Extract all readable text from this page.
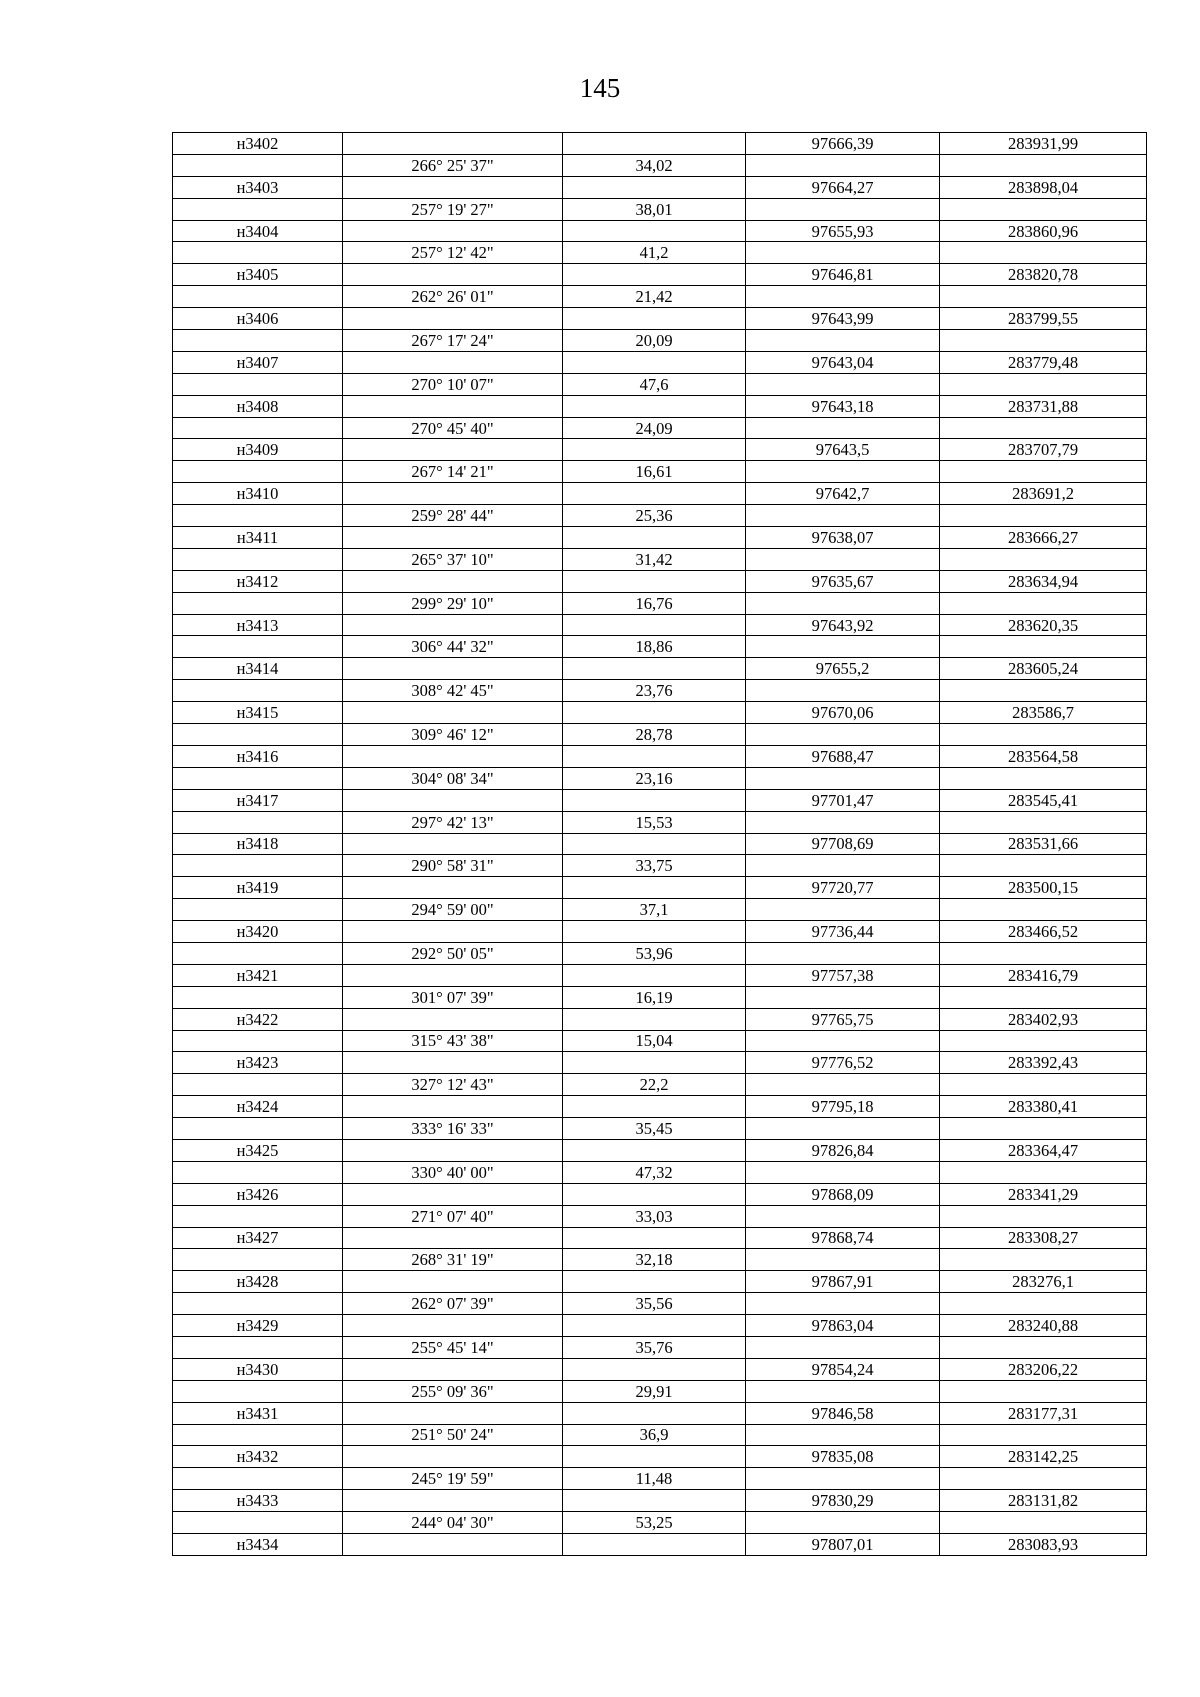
145
н3402			97666,39	283931,99
	266° 25' 37"	34,02		
н3403			97664,27	283898,04
	257° 19' 27"	38,01		
н3404			97655,93	283860,96
	257° 12' 42"	41,2		
н3405			97646,81	283820,78
	262° 26' 01"	21,42		
н3406			97643,99	283799,55
	267° 17' 24"	20,09		
н3407			97643,04	283779,48
	270° 10' 07"	47,6		
н3408			97643,18	283731,88
	270° 45' 40"	24,09		
н3409			97643,5	283707,79
	267° 14' 21"	16,61		
н3410			97642,7	283691,2
	259° 28' 44"	25,36		
н3411			97638,07	283666,27
	265° 37' 10"	31,42		
н3412			97635,67	283634,94
	299° 29' 10"	16,76		
н3413			97643,92	283620,35
	306° 44' 32"	18,86		
н3414			97655,2	283605,24
	308° 42' 45"	23,76		
н3415			97670,06	283586,7
	309° 46' 12"	28,78		
н3416			97688,47	283564,58
	304° 08' 34"	23,16		
н3417			97701,47	283545,41
	297° 42' 13"	15,53		
н3418			97708,69	283531,66
	290° 58' 31"	33,75		
н3419			97720,77	283500,15
	294° 59' 00"	37,1		
н3420			97736,44	283466,52
	292° 50' 05"	53,96		
н3421			97757,38	283416,79
	301° 07' 39"	16,19		
н3422			97765,75	283402,93
	315° 43' 38"	15,04		
н3423			97776,52	283392,43
	327° 12' 43"	22,2		
н3424			97795,18	283380,41
	333° 16' 33"	35,45		
н3425			97826,84	283364,47
	330° 40' 00"	47,32		
н3426			97868,09	283341,29
	271° 07' 40"	33,03		
н3427			97868,74	283308,27
	268° 31' 19"	32,18		
н3428			97867,91	283276,1
	262° 07' 39"	35,56		
н3429			97863,04	283240,88
	255° 45' 14"	35,76		
н3430			97854,24	283206,22
	255° 09' 36"	29,91		
н3431			97846,58	283177,31
	251° 50' 24"	36,9		
н3432			97835,08	283142,25
	245° 19' 59"	11,48		
н3433			97830,29	283131,82
	244° 04' 30"	53,25		
н3434			97807,01	283083,93
